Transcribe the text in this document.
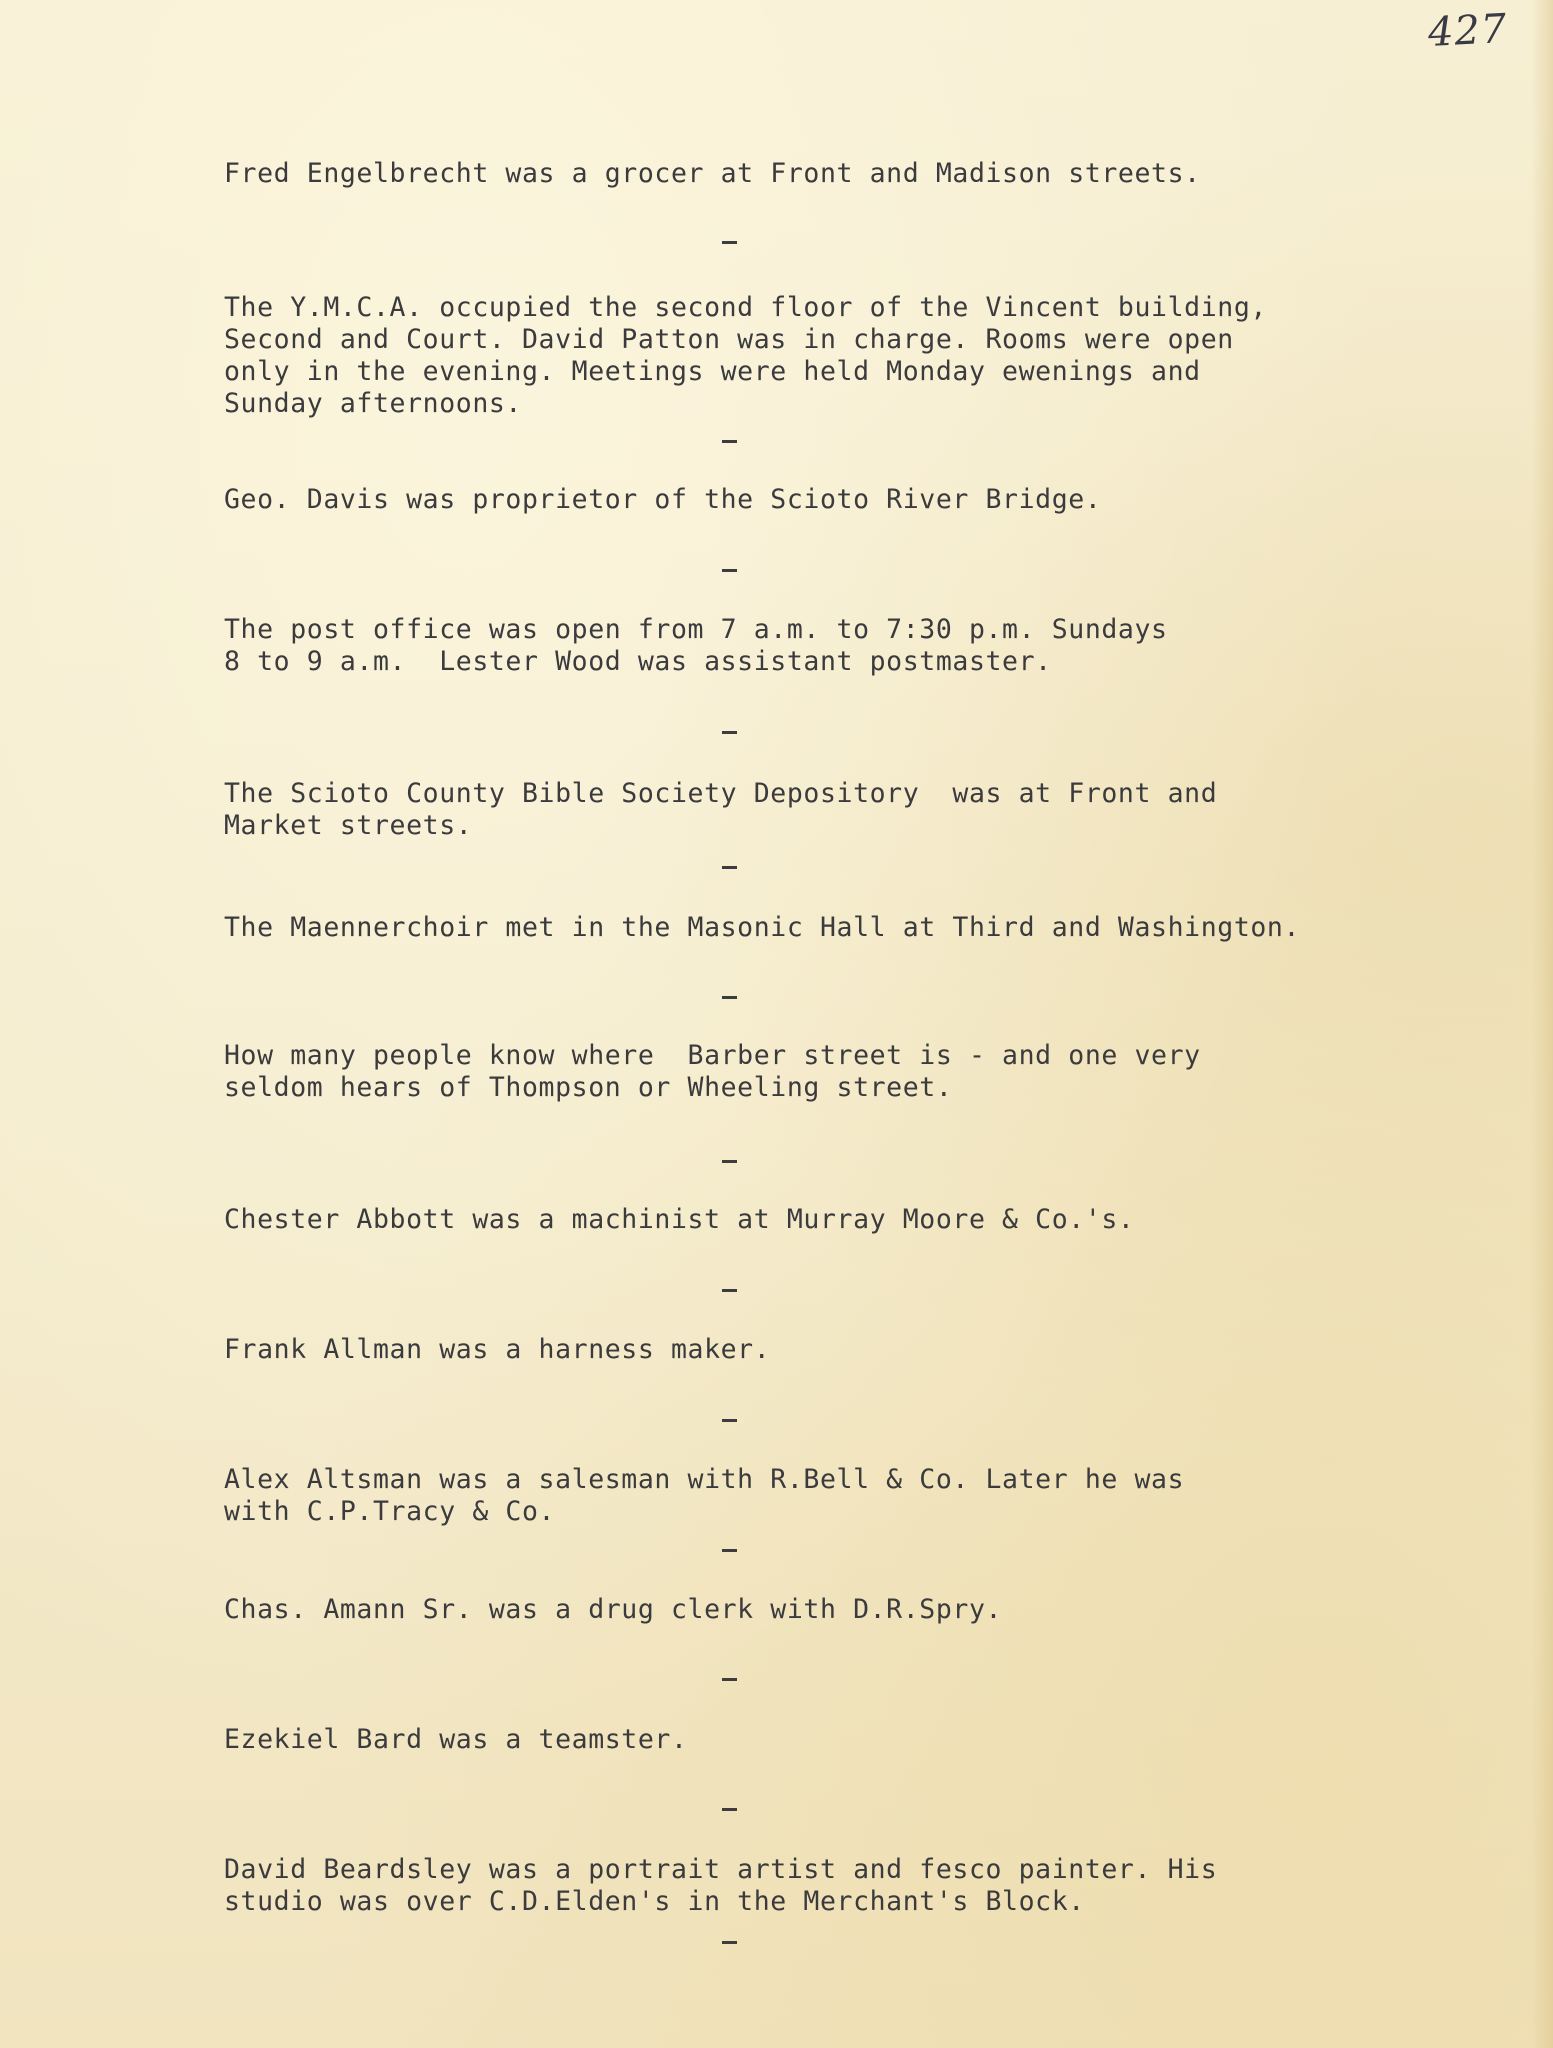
427
Fred Engelbrecht was a grocer at Front and Madison streets.
The Y.M.C.A. occupied the second floor of the Vincent building,
Second and Court. David Patton was in charge. Rooms were open
only in the evening. Meetings were held Monday ewenings and
Sunday afternoons.
Geo. Davis was proprietor of the Scioto River Bridge.
The post office was open from 7 a.m. to 7:30 p.m. Sundays
8 to 9 a.m.  Lester Wood was assistant postmaster.
The Scioto County Bible Society Depository  was at Front and
Market streets.
The Maennerchoir met in the Masonic Hall at Third and Washington.
How many people know where  Barber street is - and one very
seldom hears of Thompson or Wheeling street.
Chester Abbott was a machinist at Murray Moore & Co.'s.
Frank Allman was a harness maker.
Alex Altsman was a salesman with R.Bell & Co. Later he was
with C.P.Tracy & Co.
Chas. Amann Sr. was a drug clerk with D.R.Spry.
Ezekiel Bard was a teamster.
David Beardsley was a portrait artist and fesco painter. His
studio was over C.D.Elden's in the Merchant's Block.
